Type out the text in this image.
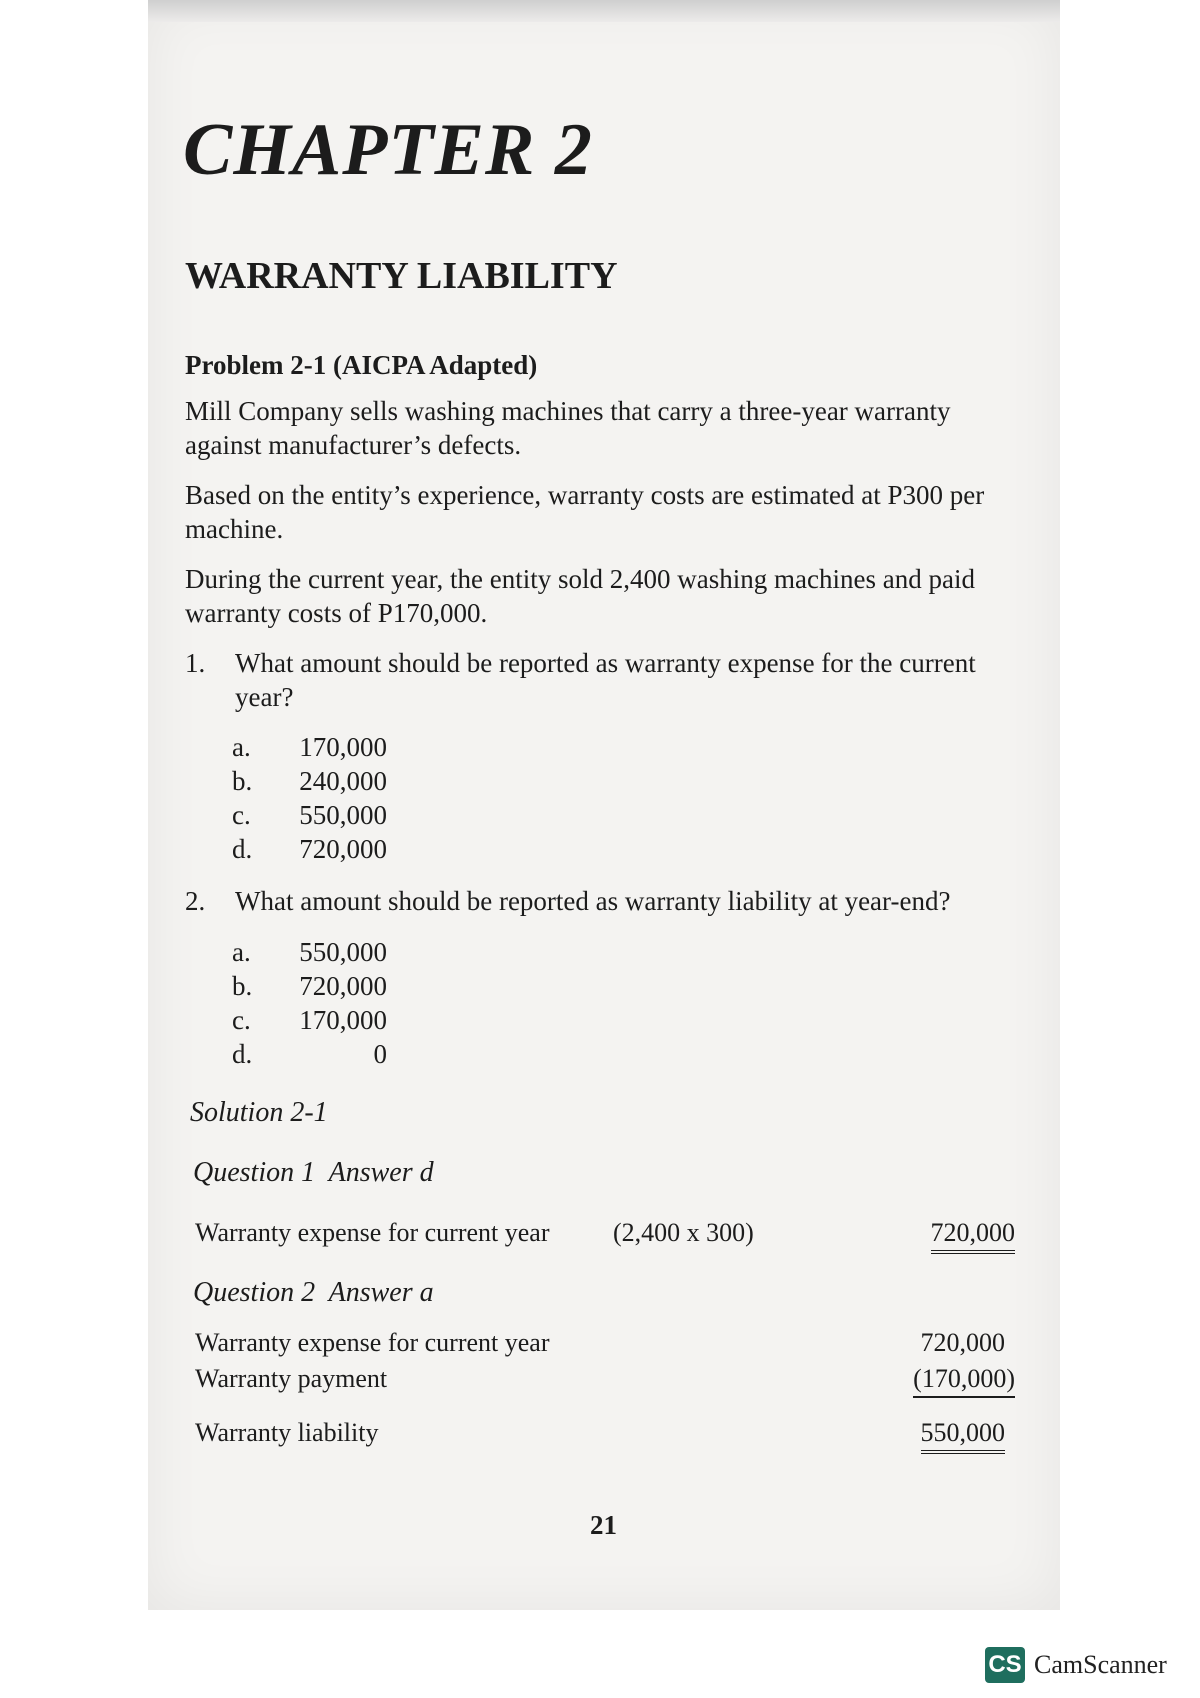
CHAPTER 2
WARRANTY LIABILITY
Problem 2-1 (AICPA Adapted)
Mill Company sells washing machines that carry a three-year warranty against manufacturer’s defects.
Based on the entity’s experience, warranty costs are estimated at P300 per machine.
During the current year, the entity sold 2,400 washing machines and paid warranty costs of P170,000.
1.	What amount should be reported as warranty expense for the current year?
a.	170,000
b.	240,000
c.	550,000
d.	720,000
2.	What amount should be reported as warranty liability at year-end?
a.	550,000
b.	720,000
c.	170,000
d.	0
Solution 2-1
Question 1  Answer d
Warranty expense for current year (2,400 x 300)	720,000
Question 2  Answer a
Warranty expense for current year	720,000
Warranty payment	(170,000)
Warranty liability	550,000
21
CS CamScanner
